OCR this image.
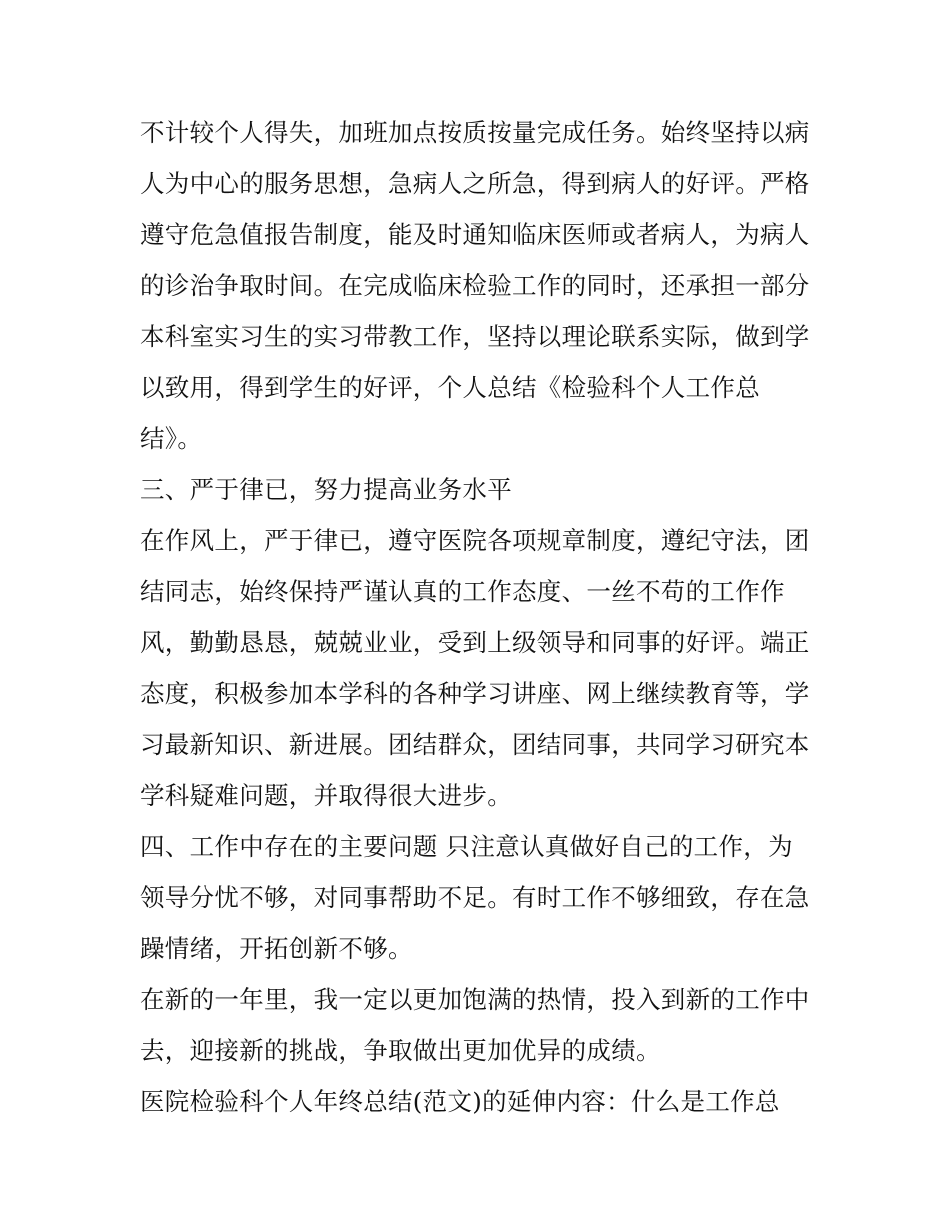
不计较个人得失，加班加点按质按量完成任务。始终坚持以病
人为中心的服务思想，急病人之所急，得到病人的好评。严格
遵守危急值报告制度，能及时通知临床医师或者病人，为病人
的诊治争取时间。在完成临床检验工作的同时，还承担一部分
本科室实习生的实习带教工作，坚持以理论联系实际，做到学
以致用，得到学生的好评，个人总结《检验科个人工作总
结》。
三、严于律已，努力提高业务水平
在作风上，严于律已，遵守医院各项规章制度，遵纪守法，团
结同志，始终保持严谨认真的工作态度、一丝不苟的工作作
风，勤勤恳恳，兢兢业业，受到上级领导和同事的好评。端正
态度，积极参加本学科的各种学习讲座、网上继续教育等，学
习最新知识、新进展。团结群众，团结同事，共同学习研究本
学科疑难问题，并取得很大进步。
四、工作中存在的主要问题 只注意认真做好自己的工作，为
领导分忧不够，对同事帮助不足。有时工作不够细致，存在急
躁情绪，开拓创新不够。
在新的一年里，我一定以更加饱满的热情，投入到新的工作中
去，迎接新的挑战，争取做出更加优异的成绩。
医院检验科个人年终总结(范文)的延伸内容：什么是工作总
